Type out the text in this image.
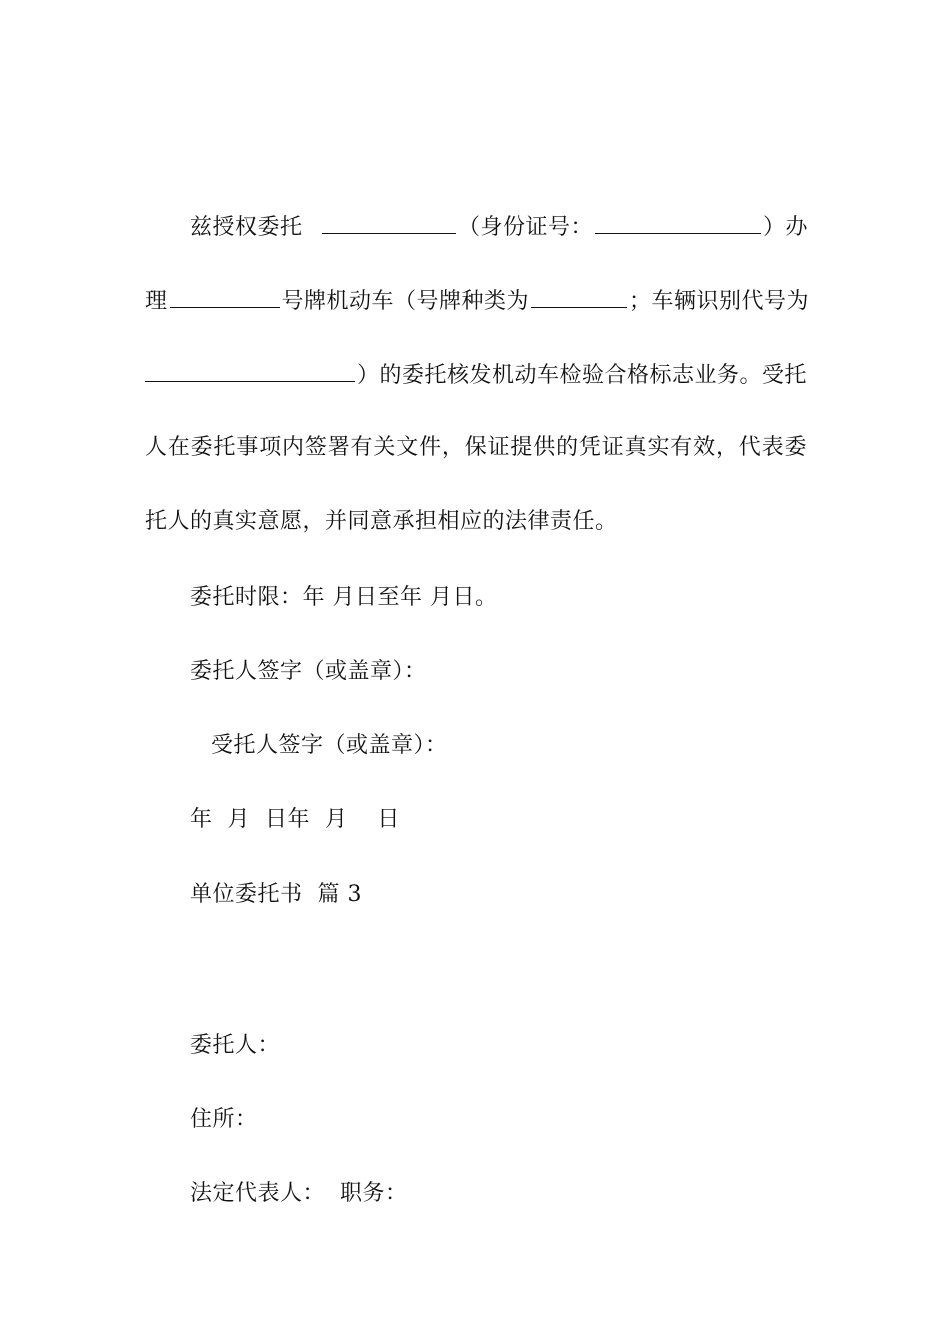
兹授权委托	（身份证号：	）办
理	号牌机动车（号牌种类为	；车辆识别代号为
）的委托核发机动车检验合格标志业务。受托
人在委托事项内签署有关文件，保证提供的凭证真实有效，代表委
托人的真实意愿，并同意承担相应的法律责任。
委托时限：年 月日至年 月日。
委托人签字（或盖章）：
受托人签字（或盖章）：
年  月  日年  月    日
单位委托书  篇 3
委托人：
住所：
法定代表人：  职务：
